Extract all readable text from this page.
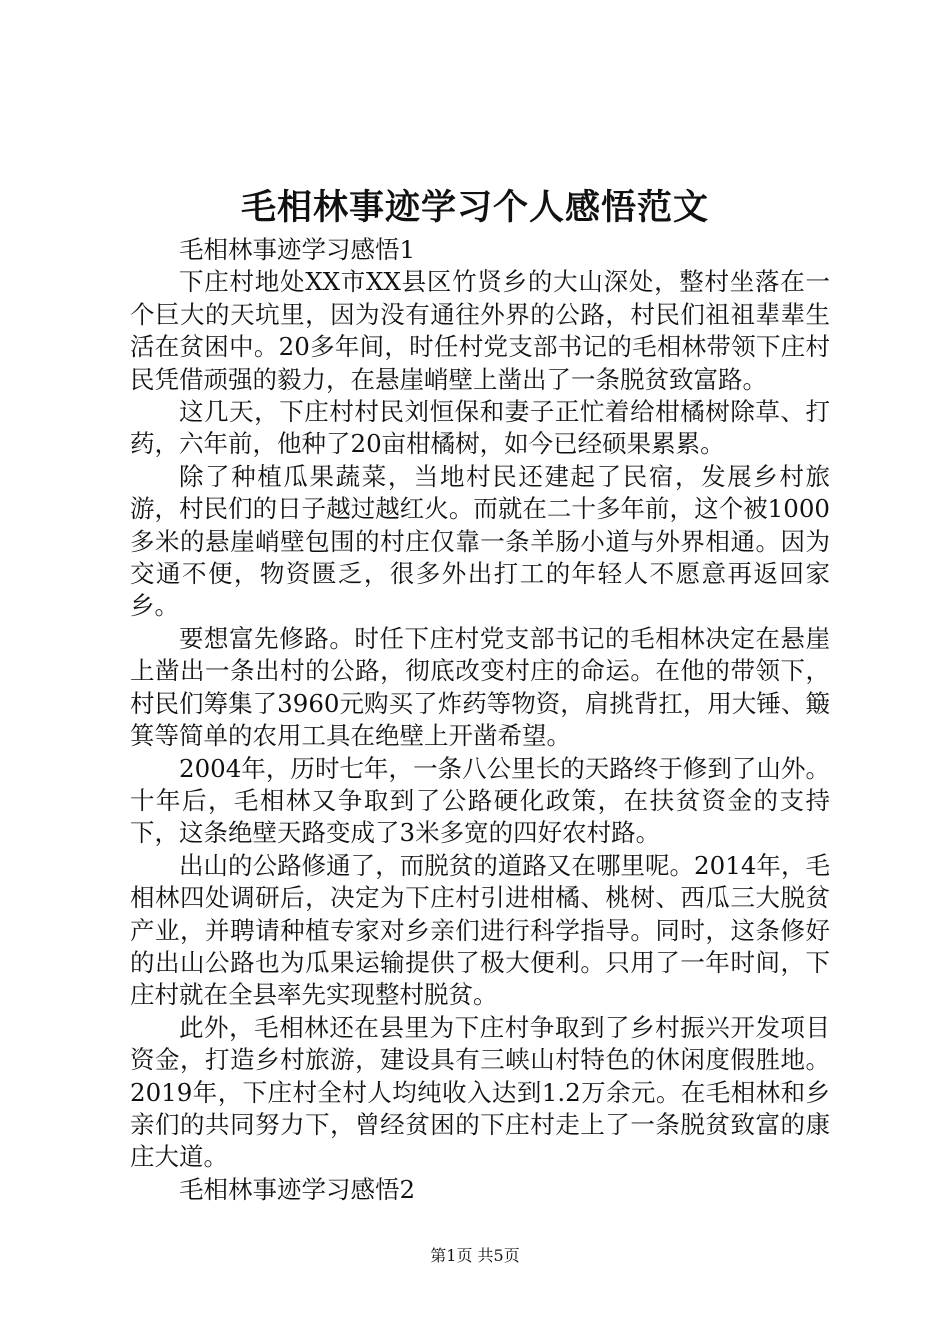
毛相林事迹学习个人感悟范文

毛相林事迹学习感悟1

下庄村地处XX市XX县区竹贤乡的大山深处，整村坐落在一个巨大的天坑里，因为没有通往外界的公路，村民们祖祖辈辈生活在贫困中。20多年间，时任村党支部书记的毛相林带领下庄村民凭借顽强的毅力，在悬崖峭壁上凿出了一条脱贫致富路。

这几天，下庄村村民刘恒保和妻子正忙着给柑橘树除草、打药，六年前，他种了20亩柑橘树，如今已经硕果累累。

除了种植瓜果蔬菜，当地村民还建起了民宿，发展乡村旅游，村民们的日子越过越红火。而就在二十多年前，这个被1000多米的悬崖峭壁包围的村庄仅靠一条羊肠小道与外界相通。因为交通不便，物资匮乏，很多外出打工的年轻人不愿意再返回家乡。

要想富先修路。时任下庄村党支部书记的毛相林决定在悬崖上凿出一条出村的公路，彻底改变村庄的命运。在他的带领下，村民们筹集了3960元购买了炸药等物资，肩挑背扛，用大锤、簸箕等简单的农用工具在绝壁上开凿希望。

2004年，历时七年，一条八公里长的天路终于修到了山外。十年后，毛相林又争取到了公路硬化政策，在扶贫资金的支持下，这条绝壁天路变成了3米多宽的四好农村路。

出山的公路修通了，而脱贫的道路又在哪里呢。2014年，毛相林四处调研后，决定为下庄村引进柑橘、桃树、西瓜三大脱贫产业，并聘请种植专家对乡亲们进行科学指导。同时，这条修好的出山公路也为瓜果运输提供了极大便利。只用了一年时间，下庄村就在全县率先实现整村脱贫。

此外，毛相林还在县里为下庄村争取到了乡村振兴开发项目资金，打造乡村旅游，建设具有三峡山村特色的休闲度假胜地。2019年，下庄村全村人均纯收入达到1.2万余元。在毛相林和乡亲们的共同努力下，曾经贫困的下庄村走上了一条脱贫致富的康庄大道。

毛相林事迹学习感悟2

第1页 共5页
